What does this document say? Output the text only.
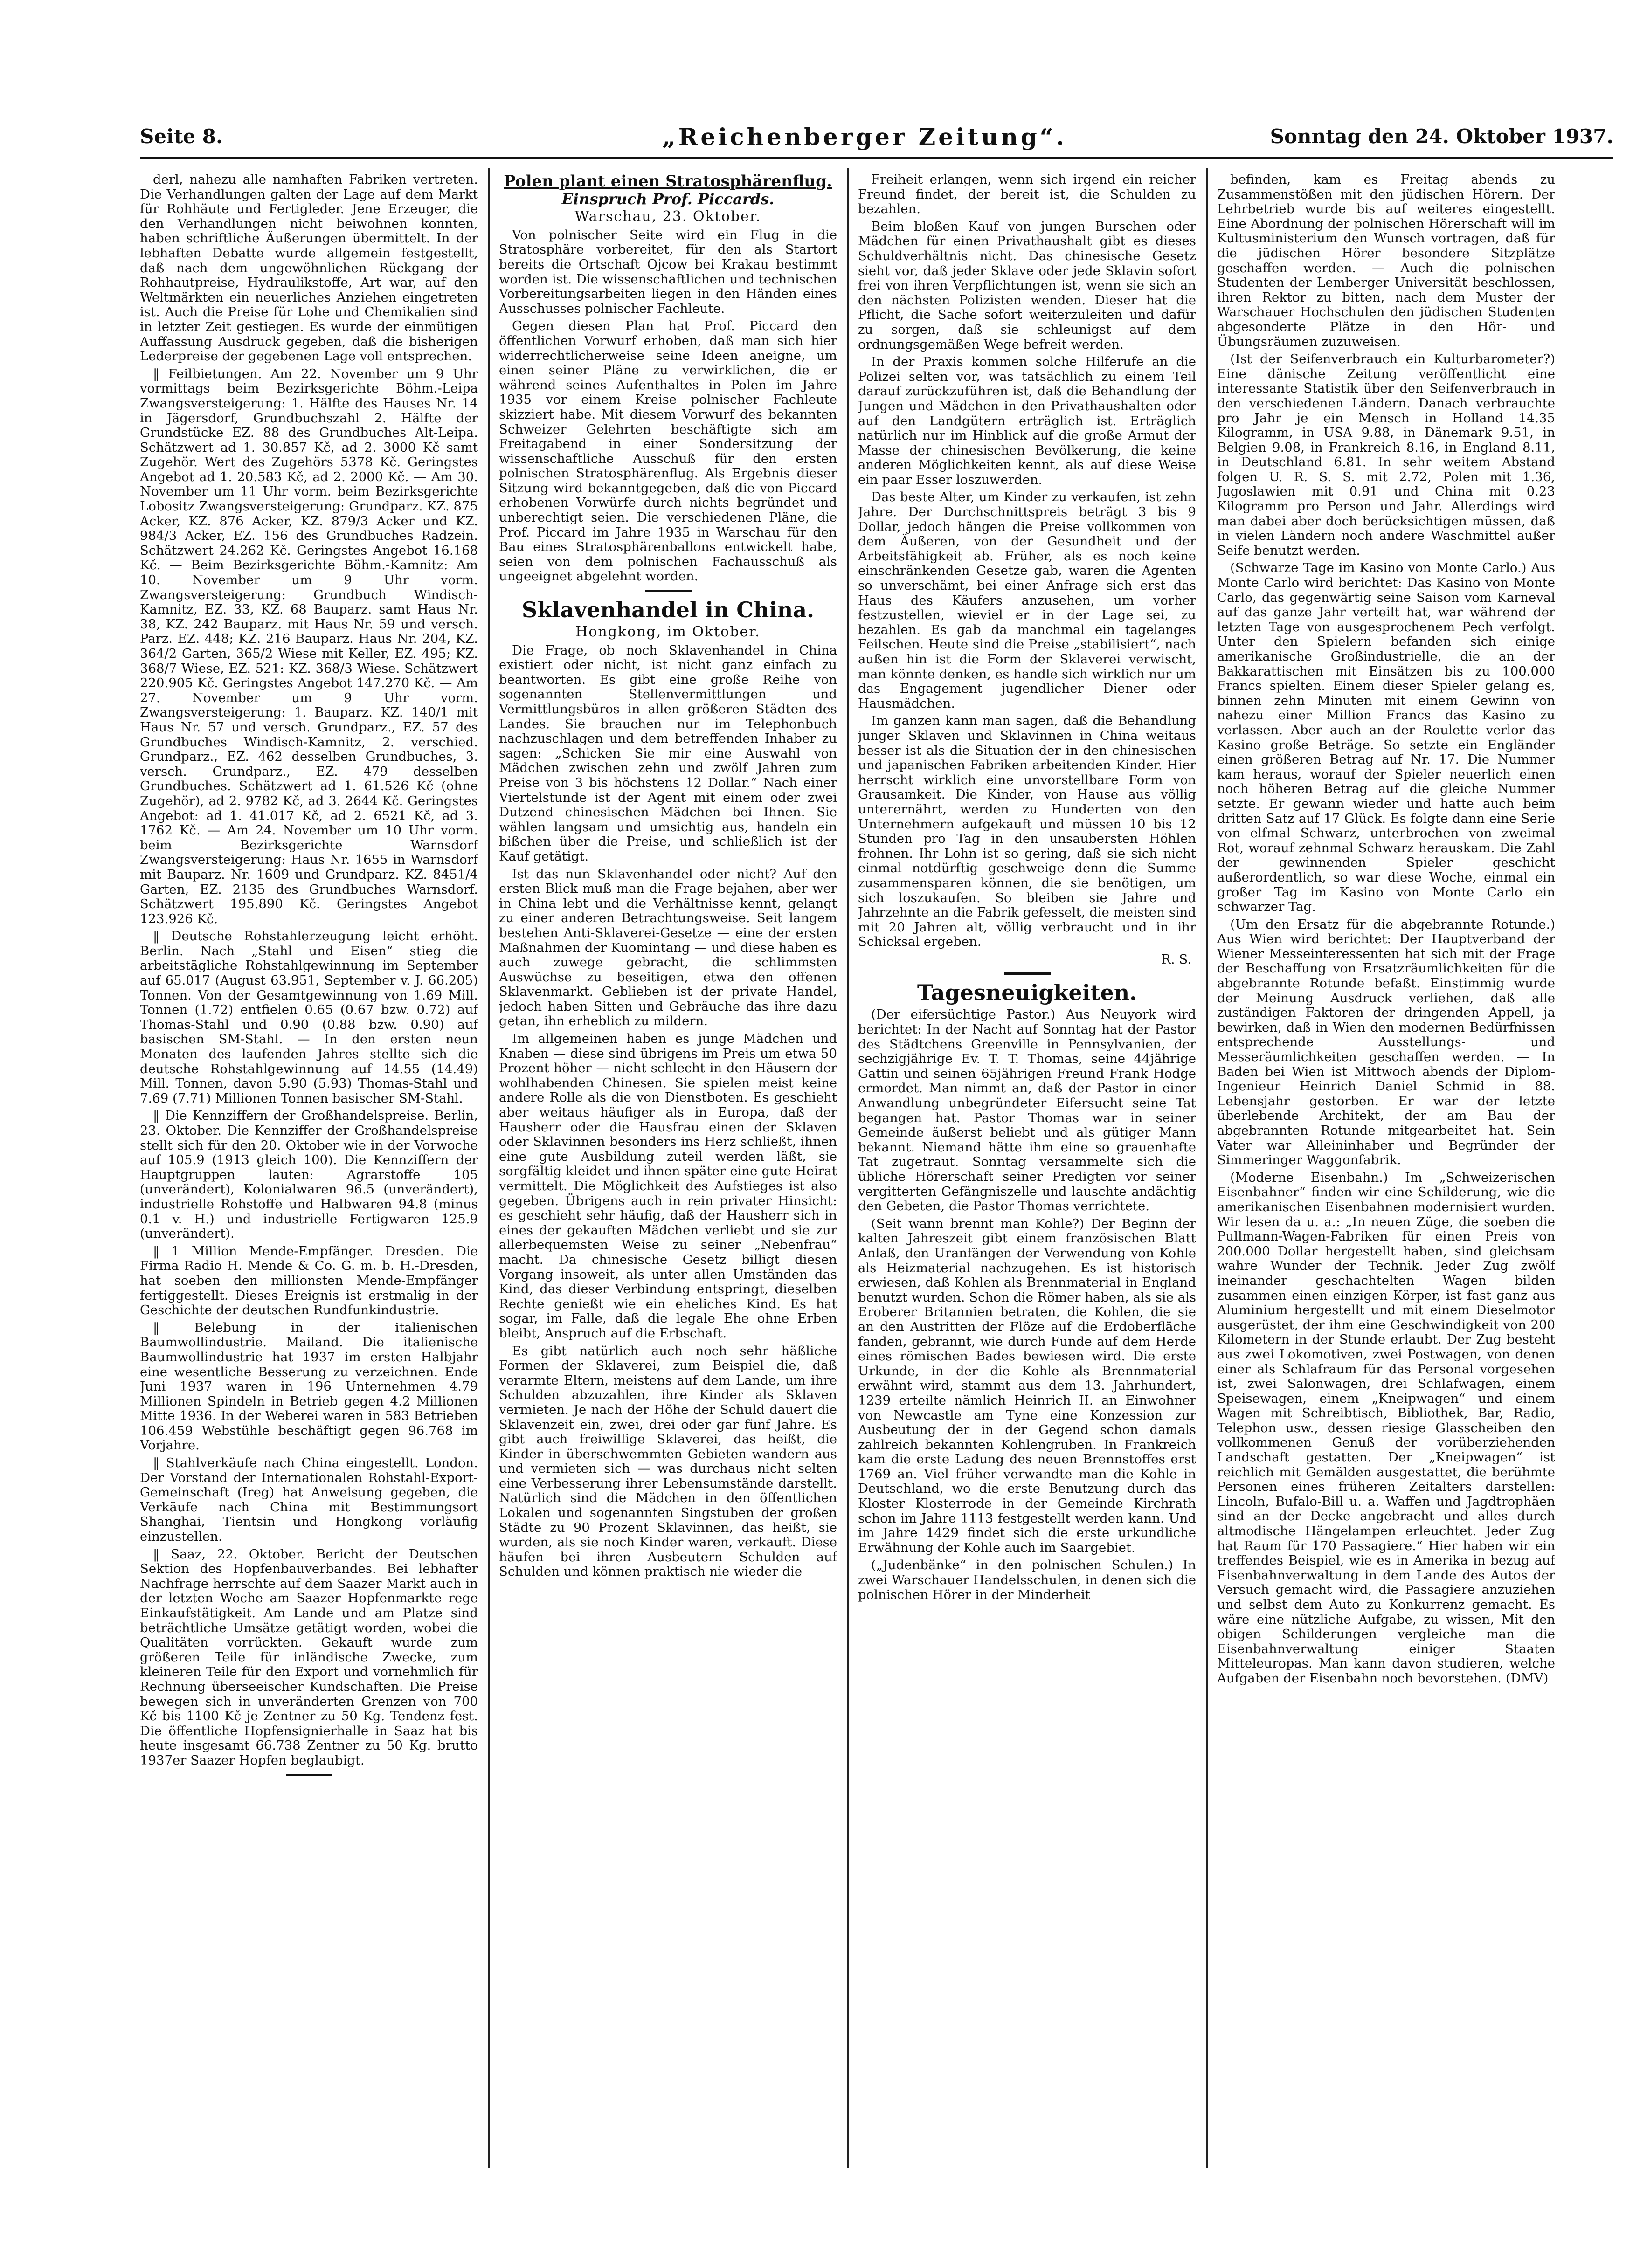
Seite 8.	„Reichenberger Zeitung“.	Sonntag den 24. Oktober 1937.

derl, nahezu alle namhaften Fabriken vertreten. Die Verhandlungen galten der Lage auf dem Markt für Rohhäute und Fertigleder. Jene Erzeuger, die den Verhandlungen nicht beiwohnen konnten, haben schriftliche Äußerungen übermittelt. In der lebhaften Debatte wurde allgemein festgestellt, daß nach dem ungewöhnlichen Rückgang der Rohhautpreise, Hydraulikstoffe, Art war, auf den Weltmärkten ein neuerliches Anziehen eingetreten ist. Auch die Preise für Lohe und Chemikalien sind in letzter Zeit gestiegen. Es wurde der einmütigen Auffassung Ausdruck gegeben, daß die bisherigen Lederpreise der gegebenen Lage voll entsprechen.

‖ Feilbietungen. Am 22. November um 9 Uhr vormittags beim Bezirksgerichte Böhm.-Leipa Zwangsversteigerung: 1. Hälfte des Hauses Nr. 14 in Jägersdorf, Grundbuchszahl 2. Hälfte der Grundstücke EZ. 88 des Grundbuches Alt-Leipa. Schätzwert ad 1. 30.857 Kč, ad 2. 3000 Kč samt Zugehör. Wert des Zugehörs 5378 Kč. Geringstes Angebot ad 1. 20.583 Kč, ad 2. 2000 Kč. — Am 30. November um 11 Uhr vorm. beim Bezirksgerichte Lobositz Zwangsversteigerung: Grundparz. KZ. 875 Acker, KZ. 876 Acker, KZ. 879/3 Acker und KZ. 984/3 Acker, EZ. 156 des Grundbuches Radzein. Schätzwert 24.262 Kč. Geringstes Angebot 16.168 Kč. — Beim Bezirksgerichte Böhm.-Kamnitz: Am 10. November um 9 Uhr vorm. Zwangsversteigerung: Grundbuch Windisch-Kamnitz, EZ. 33, KZ. 68 Bauparz. samt Haus Nr. 38, KZ. 242 Bauparz. mit Haus Nr. 59 und versch. Parz. EZ. 448; KZ. 216 Bauparz. Haus Nr. 204, KZ. 364/2 Garten, 365/2 Wiese mit Keller, EZ. 495; KZ. 368/7 Wiese, EZ. 521: KZ. 368/3 Wiese. Schätzwert 220.905 Kč. Geringstes Angebot 147.270 Kč. — Am 27. November um 9 Uhr vorm. Zwangsversteigerung: 1. Bauparz. KZ. 140/1 mit Haus Nr. 57 und versch. Grundparz., EZ. 57 des Grundbuches Windisch-Kamnitz, 2. verschied. Grundparz., EZ. 462 desselben Grundbuches, 3. versch. Grundparz., EZ. 479 desselben Grundbuches. Schätzwert ad 1. 61.526 Kč (ohne Zugehör), ad 2. 9782 Kč, ad 3. 2644 Kč. Geringstes Angebot: ad 1. 41.017 Kč, ad 2. 6521 Kč, ad 3. 1762 Kč. — Am 24. November um 10 Uhr vorm. beim Bezirksgerichte Warnsdorf Zwangsversteigerung: Haus Nr. 1655 in Warnsdorf mit Bauparz. Nr. 1609 und Grundparz. KZ. 8451/4 Garten, EZ. 2135 des Grundbuches Warnsdorf. Schätzwert 195.890 Kč. Geringstes Angebot 123.926 Kč.

‖ Deutsche Rohstahlerzeugung leicht erhöht. Berlin. Nach „Stahl und Eisen“ stieg die arbeitstägliche Rohstahlgewinnung im September auf 65.017 (August 63.951, September v. J. 66.205) Tonnen. Von der Gesamtgewinnung von 1.69 Mill. Tonnen (1.72) entfielen 0.65 (0.67 bzw. 0.72) auf Thomas-Stahl und 0.90 (0.88 bzw. 0.90) auf basischen SM-Stahl. — In den ersten neun Monaten des laufenden Jahres stellte sich die deutsche Rohstahlgewinnung auf 14.55 (14.49) Mill. Tonnen, davon 5.90 (5.93) Thomas-Stahl und 7.69 (7.71) Millionen Tonnen basischer SM-Stahl.

‖ Die Kennziffern der Großhandelspreise. Berlin, 23. Oktober. Die Kennziffer der Großhandelspreise stellt sich für den 20. Oktober wie in der Vorwoche auf 105.9 (1913 gleich 100). Die Kennziffern der Hauptgruppen lauten: Agrarstoffe 105 (unverändert), Kolonialwaren 96.5 (unverändert), industrielle Rohstoffe und Halbwaren 94.8 (minus 0.1 v. H.) und industrielle Fertigwaren 125.9 (unverändert).

‖ 1 Million Mende-Empfänger. Dresden. Die Firma Radio H. Mende & Co. G. m. b. H.-Dresden, hat soeben den millionsten Mende-Empfänger fertiggestellt. Dieses Ereignis ist erstmalig in der Geschichte der deutschen Rundfunkindustrie.

‖ Belebung in der italienischen Baumwollindustrie. Mailand. Die italienische Baumwollindustrie hat 1937 im ersten Halbjahr eine wesentliche Besserung zu verzeichnen. Ende Juni 1937 waren in 196 Unternehmen 4.79 Millionen Spindeln in Betrieb gegen 4.2 Millionen Mitte 1936. In der Weberei waren in 583 Betrieben 106.459 Webstühle beschäftigt gegen 96.768 im Vorjahre.

‖ Stahlverkäufe nach China eingestellt. London. Der Vorstand der Internationalen Rohstahl-Export-Gemeinschaft (Ireg) hat Anweisung gegeben, die Verkäufe nach China mit Bestimmungsort Shanghai, Tientsin und Hongkong vorläufig einzustellen.

‖ Saaz, 22. Oktober. Bericht der Deutschen Sektion des Hopfenbauverbandes. Bei lebhafter Nachfrage herrschte auf dem Saazer Markt auch in der letzten Woche am Saazer Hopfenmarkte rege Einkaufstätigkeit. Am Lande und am Platze sind beträchtliche Umsätze getätigt worden, wobei die Qualitäten vorrückten. Gekauft wurde zum größeren Teile für inländische Zwecke, zum kleineren Teile für den Export und vornehmlich für Rechnung überseeischer Kundschaften. Die Preise bewegen sich in unveränderten Grenzen von 700 Kč bis 1100 Kč je Zentner zu 50 Kg. Tendenz fest. Die öffentliche Hopfensignierhalle in Saaz hat bis heute insgesamt 66.738 Zentner zu 50 Kg. brutto 1937er Saazer Hopfen beglaubigt.

Polen plant einen Stratosphärenflug.
Einspruch Prof. Piccards.
Warschau, 23. Oktober.

Von polnischer Seite wird ein Flug in die Stratosphäre vorbereitet, für den als Startort bereits die Ortschaft Ojcow bei Krakau bestimmt worden ist. Die wissenschaftlichen und technischen Vorbereitungsarbeiten liegen in den Händen eines Ausschusses polnischer Fachleute.

Gegen diesen Plan hat Prof. Piccard den öffentlichen Vorwurf erhoben, daß man sich hier widerrechtlicherweise seine Ideen aneigne, um einen seiner Pläne zu verwirklichen, die er während seines Aufenthaltes in Polen im Jahre 1935 vor einem Kreise polnischer Fachleute skizziert habe. Mit diesem Vorwurf des bekannten Schweizer Gelehrten beschäftigte sich am Freitagabend in einer Sondersitzung der wissenschaftliche Ausschuß für den ersten polnischen Stratosphärenflug. Als Ergebnis dieser Sitzung wird bekanntgegeben, daß die von Piccard erhobenen Vorwürfe durch nichts begründet und unberechtigt seien. Die verschiedenen Pläne, die Prof. Piccard im Jahre 1935 in Warschau für den Bau eines Stratosphärenballons entwickelt habe, seien von dem polnischen Fachausschuß als ungeeignet abgelehnt worden.

Sklavenhandel in China.
Hongkong, im Oktober.

Die Frage, ob noch Sklavenhandel in China existiert oder nicht, ist nicht ganz einfach zu beantworten. Es gibt eine große Reihe von sogenannten Stellenvermittlungen und Vermittlungsbüros in allen größeren Städten des Landes. Sie brauchen nur im Telephonbuch nachzuschlagen und dem betreffenden Inhaber zu sagen: „Schicken Sie mir eine Auswahl von Mädchen zwischen zehn und zwölf Jahren zum Preise von 3 bis höchstens 12 Dollar.“ Nach einer Viertelstunde ist der Agent mit einem oder zwei Dutzend chinesischen Mädchen bei Ihnen. Sie wählen langsam und umsichtig aus, handeln ein bißchen über die Preise, und schließlich ist der Kauf getätigt.

Ist das nun Sklavenhandel oder nicht? Auf den ersten Blick muß man die Frage bejahen, aber wer in China lebt und die Verhältnisse kennt, gelangt zu einer anderen Betrachtungsweise. Seit langem bestehen Anti-Sklaverei-Gesetze — eine der ersten Maßnahmen der Kuomintang — und diese haben es auch zuwege gebracht, die schlimmsten Auswüchse zu beseitigen, etwa den offenen Sklavenmarkt. Geblieben ist der private Handel, jedoch haben Sitten und Gebräuche das ihre dazu getan, ihn erheblich zu mildern.

Im allgemeinen haben es junge Mädchen und Knaben — diese sind übrigens im Preis um etwa 50 Prozent höher — nicht schlecht in den Häusern der wohlhabenden Chinesen. Sie spielen meist keine andere Rolle als die von Dienstboten. Es geschieht aber weitaus häufiger als in Europa, daß der Hausherr oder die Hausfrau einen der Sklaven oder Sklavinnen besonders ins Herz schließt, ihnen eine gute Ausbildung zuteil werden läßt, sie sorgfältig kleidet und ihnen später eine gute Heirat vermittelt. Die Möglichkeit des Aufstieges ist also gegeben. Übrigens auch in rein privater Hinsicht: es geschieht sehr häufig, daß der Hausherr sich in eines der gekauften Mädchen verliebt und sie zur allerbequemsten Weise zu seiner „Nebenfrau“ macht. Da chinesische Gesetz billigt diesen Vorgang insoweit, als unter allen Umständen das Kind, das dieser Verbindung entspringt, dieselben Rechte genießt wie ein eheliches Kind. Es hat sogar, im Falle, daß die legale Ehe ohne Erben bleibt, Anspruch auf die Erbschaft.

Es gibt natürlich auch noch sehr häßliche Formen der Sklaverei, zum Beispiel die, daß verarmte Eltern, meistens auf dem Lande, um ihre Schulden abzuzahlen, ihre Kinder als Sklaven vermieten. Je nach der Höhe der Schuld dauert die Sklavenzeit ein, zwei, drei oder gar fünf Jahre. Es gibt auch freiwillige Sklaverei, das heißt, die Kinder in überschwemmten Gebieten wandern aus und vermieten sich — was durchaus nicht selten eine Verbesserung ihrer Lebensumstände darstellt. Natürlich sind die Mädchen in den öffentlichen Lokalen und sogenannten Singstuben der großen Städte zu 90 Prozent Sklavinnen, das heißt, sie wurden, als sie noch Kinder waren, verkauft. Diese häufen bei ihren Ausbeutern Schulden auf Schulden und können praktisch nie wieder die

Freiheit erlangen, wenn sich irgend ein reicher Freund findet, der bereit ist, die Schulden zu bezahlen.

Beim bloßen Kauf von jungen Burschen oder Mädchen für einen Privathaushalt gibt es dieses Schuldverhältnis nicht. Das chinesische Gesetz sieht vor, daß jeder Sklave oder jede Sklavin sofort frei von ihren Verpflichtungen ist, wenn sie sich an den nächsten Polizisten wenden. Dieser hat die Pflicht, die Sache sofort weiterzuleiten und dafür zu sorgen, daß sie schleunigst auf dem ordnungsgemäßen Wege befreit werden.

In der Praxis kommen solche Hilferufe an die Polizei selten vor, was tatsächlich zu einem Teil darauf zurückzuführen ist, daß die Behandlung der Jungen und Mädchen in den Privathaushalten oder auf den Landgütern erträglich ist. Erträglich natürlich nur im Hinblick auf die große Armut der Masse der chinesischen Bevölkerung, die keine anderen Möglichkeiten kennt, als auf diese Weise ein paar Esser loszuwerden.

Das beste Alter, um Kinder zu verkaufen, ist zehn Jahre. Der Durchschnittspreis beträgt 3 bis 9 Dollar, jedoch hängen die Preise vollkommen von dem Äußeren, von der Gesundheit und der Arbeitsfähigkeit ab. Früher, als es noch keine einschränkenden Gesetze gab, waren die Agenten so unverschämt, bei einer Anfrage sich erst das Haus des Käufers anzusehen, um vorher festzustellen, wieviel er in der Lage sei, zu bezahlen. Es gab da manchmal ein tagelanges Feilschen. Heute sind die Preise „stabilisiert“, nach außen hin ist die Form der Sklaverei verwischt, man könnte denken, es handle sich wirklich nur um das Engagement jugendlicher Diener oder Hausmädchen.

Im ganzen kann man sagen, daß die Behandlung junger Sklaven und Sklavinnen in China weitaus besser ist als die Situation der in den chinesischen und japanischen Fabriken arbeitenden Kinder. Hier herrscht wirklich eine unvorstellbare Form von Grausamkeit. Die Kinder, von Hause aus völlig unterernährt, werden zu Hunderten von den Unternehmern aufgekauft und müssen 10 bis 12 Stunden pro Tag in den unsaubersten Höhlen frohnen. Ihr Lohn ist so gering, daß sie sich nicht einmal notdürftig geschweige denn die Summe zusammensparen können, die sie benötigen, um sich loszukaufen. So bleiben sie Jahre und Jahrzehnte an die Fabrik gefesselt, die meisten sind mit 20 Jahren alt, völlig verbraucht und in ihr Schicksal ergeben.

R. S.
Tagesneuigkeiten.

(Der eifersüchtige Pastor.) Aus Neuyork wird berichtet: In der Nacht auf Sonntag hat der Pastor des Städtchens Greenville in Pennsylvanien, der sechzigjährige Ev. T. T. Thomas, seine 44jährige Gattin und seinen 65jährigen Freund Frank Hodge ermordet. Man nimmt an, daß der Pastor in einer Anwandlung unbegründeter Eifersucht seine Tat begangen hat. Pastor Thomas war in seiner Gemeinde äußerst beliebt und als gütiger Mann bekannt. Niemand hätte ihm eine so grauenhafte Tat zugetraut. Sonntag versammelte sich die übliche Hörerschaft seiner Predigten vor seiner vergitterten Gefängniszelle und lauschte andächtig den Gebeten, die Pastor Thomas verrichtete.

(Seit wann brennt man Kohle?) Der Beginn der kalten Jahreszeit gibt einem französischen Blatt Anlaß, den Uranfängen der Verwendung von Kohle als Heizmaterial nachzugehen. Es ist historisch erwiesen, daß Kohlen als Brennmaterial in England benutzt wurden. Schon die Römer haben, als sie als Eroberer Britannien betraten, die Kohlen, die sie an den Austritten der Flöze auf die Erdoberfläche fanden, gebrannt, wie durch Funde auf dem Herde eines römischen Bades bewiesen wird. Die erste Urkunde, in der die Kohle als Brennmaterial erwähnt wird, stammt aus dem 13. Jahrhundert, 1239 erteilte nämlich Heinrich II. an Einwohner von Newcastle am Tyne eine Konzession zur Ausbeutung der in der Gegend schon damals zahlreich bekannten Kohlengruben. In Frankreich kam die erste Ladung des neuen Brennstoffes erst 1769 an. Viel früher verwandte man die Kohle in Deutschland, wo die erste Benutzung durch das Kloster Klosterrode in der Gemeinde Kirchrath schon im Jahre 1113 festgestellt werden kann. Und im Jahre 1429 findet sich die erste urkundliche Erwähnung der Kohle auch im Saargebiet.

(„Judenbänke“ in den polnischen Schulen.) In zwei Warschauer Handelsschulen, in denen sich die polnischen Hörer in der Minderheit

befinden, kam es Freitag abends zu Zusammenstößen mit den jüdischen Hörern. Der Lehrbetrieb wurde bis auf weiteres eingestellt. Eine Abordnung der polnischen Hörerschaft will im Kultusministerium den Wunsch vortragen, daß für die jüdischen Hörer besondere Sitzplätze geschaffen werden. — Auch die polnischen Studenten der Lemberger Universität beschlossen, ihren Rektor zu bitten, nach dem Muster der Warschauer Hochschulen den jüdischen Studenten abgesonderte Plätze in den Hör- und Übungsräumen zuzuweisen.

(Ist der Seifenverbrauch ein Kulturbarometer?) Eine dänische Zeitung veröffentlicht eine interessante Statistik über den Seifenverbrauch in den verschiedenen Ländern. Danach verbrauchte pro Jahr je ein Mensch in Holland 14.35 Kilogramm, in USA 9.88, in Dänemark 9.51, in Belgien 9.08, in Frankreich 8.16, in England 8.11, in Deutschland 6.81. In sehr weitem Abstand folgen U. R. S. S. mit 2.72, Polen mit 1.36, Jugoslawien mit 0.91 und China mit 0.23 Kilogramm pro Person und Jahr. Allerdings wird man dabei aber doch berücksichtigen müssen, daß in vielen Ländern noch andere Waschmittel außer Seife benutzt werden.

(Schwarze Tage im Kasino von Monte Carlo.) Aus Monte Carlo wird berichtet: Das Kasino von Monte Carlo, das gegenwärtig seine Saison vom Karneval auf das ganze Jahr verteilt hat, war während der letzten Tage von ausgesprochenem Pech verfolgt. Unter den Spielern befanden sich einige amerikanische Großindustrielle, die an der Bakkarattischen mit Einsätzen bis zu 100.000 Francs spielten. Einem dieser Spieler gelang es, binnen zehn Minuten mit einem Gewinn von nahezu einer Million Francs das Kasino zu verlassen. Aber auch an der Roulette verlor das Kasino große Beträge. So setzte ein Engländer einen größeren Betrag auf Nr. 17. Die Nummer kam heraus, worauf der Spieler neuerlich einen noch höheren Betrag auf die gleiche Nummer setzte. Er gewann wieder und hatte auch beim dritten Satz auf 17 Glück. Es folgte dann eine Serie von elfmal Schwarz, unterbrochen von zweimal Rot, worauf zehnmal Schwarz herauskam. Die Zahl der gewinnenden Spieler geschicht außerordentlich, so war diese Woche, einmal ein großer Tag im Kasino von Monte Carlo ein schwarzer Tag.

(Um den Ersatz für die abgebrannte Rotunde.) Aus Wien wird berichtet: Der Hauptverband der Wiener Messeinteressenten hat sich mit der Frage der Beschaffung von Ersatzräumlichkeiten für die abgebrannte Rotunde befaßt. Einstimmig wurde der Meinung Ausdruck verliehen, daß alle zuständigen Faktoren der dringenden Appell, ja bewirken, daß in Wien den modernen Bedürfnissen entsprechende Ausstellungs- und Messeräumlichkeiten geschaffen werden. — In Baden bei Wien ist Mittwoch abends der Diplom-Ingenieur Heinrich Daniel Schmid in 88. Lebensjahr gestorben. Er war der letzte überlebende Architekt, der am Bau der abgebrannten Rotunde mitgearbeitet hat. Sein Vater war Alleininhaber und Begründer der Simmeringer Waggonfabrik.

(Moderne Eisenbahn.) Im „Schweizerischen Eisenbahner“ finden wir eine Schilderung, wie die amerikanischen Eisenbahnen modernisiert wurden. Wir lesen da u. a.: „In neuen Züge, die soeben die Pullmann-Wagen-Fabriken für einen Preis von 200.000 Dollar hergestellt haben, sind gleichsam wahre Wunder der Technik. Jeder Zug zwölf ineinander geschachtelten Wagen bilden zusammen einen einzigen Körper, ist fast ganz aus Aluminium hergestellt und mit einem Dieselmotor ausgerüstet, der ihm eine Geschwindigkeit von 200 Kilometern in der Stunde erlaubt. Der Zug besteht aus zwei Lokomotiven, zwei Postwagen, von denen einer als Schlafraum für das Personal vorgesehen ist, zwei Salonwagen, drei Schlafwagen, einem Speisewagen, einem „Kneipwagen“ und einem Wagen mit Schreibtisch, Bibliothek, Bar, Radio, Telephon usw., dessen riesige Glasscheiben den vollkommenen Genuß der vorüberziehenden Landschaft gestatten. Der „Kneipwagen“ ist reichlich mit Gemälden ausgestattet, die berühmte Personen eines früheren Zeitalters darstellen: Lincoln, Bufalo-Bill u. a. Waffen und Jagdtrophäen sind an der Decke angebracht und alles durch altmodische Hängelampen erleuchtet. Jeder Zug hat Raum für 170 Passagiere.“ Hier haben wir ein treffendes Beispiel, wie es in Amerika in bezug auf Eisenbahnverwaltung in dem Lande des Autos der Versuch gemacht wird, die Passagiere anzuziehen und selbst dem Auto zu Konkurrenz gemacht. Es wäre eine nützliche Aufgabe, zu wissen, Mit den obigen Schilderungen vergleiche man die Eisenbahnverwaltung einiger Staaten Mitteleuropas. Man kann davon studieren, welche Aufgaben der Eisenbahn noch bevorstehen. (DMV)
